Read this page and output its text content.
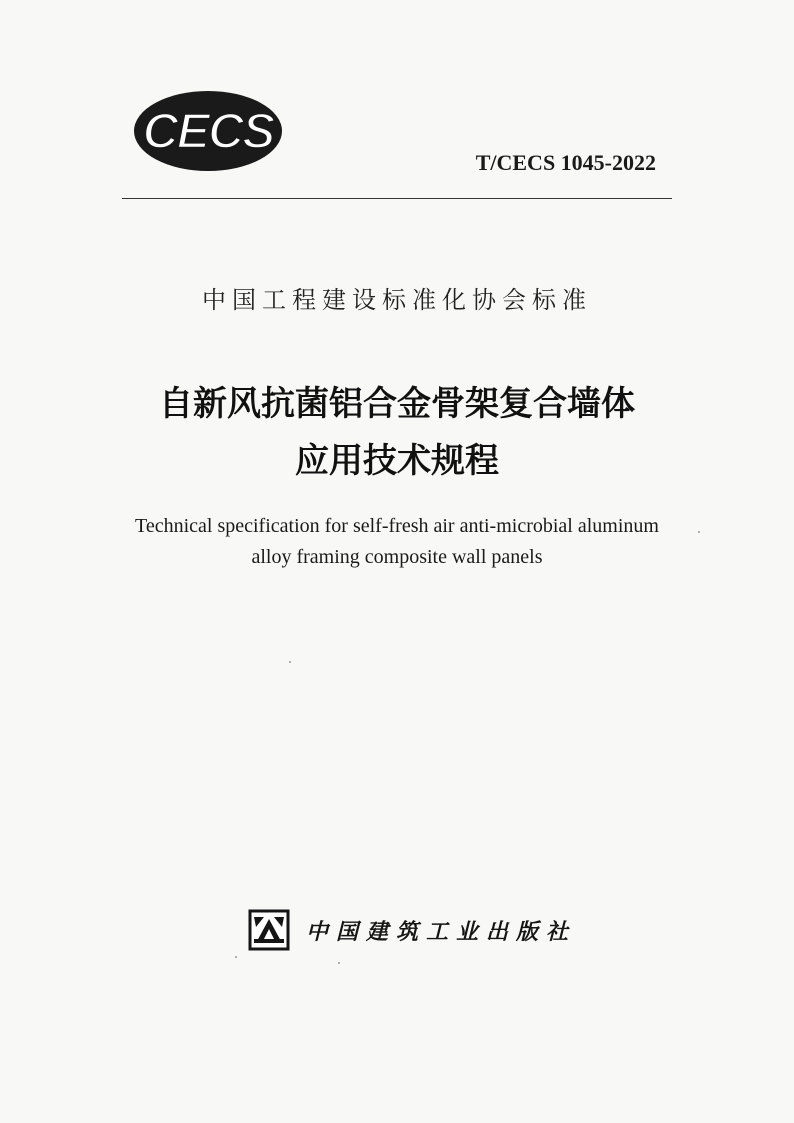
CECS
T/CECS 1045-2022
中国工程建设标准化协会标准
自新风抗菌铝合金骨架复合墙体
应用技术规程
Technical specification for self-fresh air anti-microbial aluminum
alloy framing composite wall panels
中国建筑工业出版社
